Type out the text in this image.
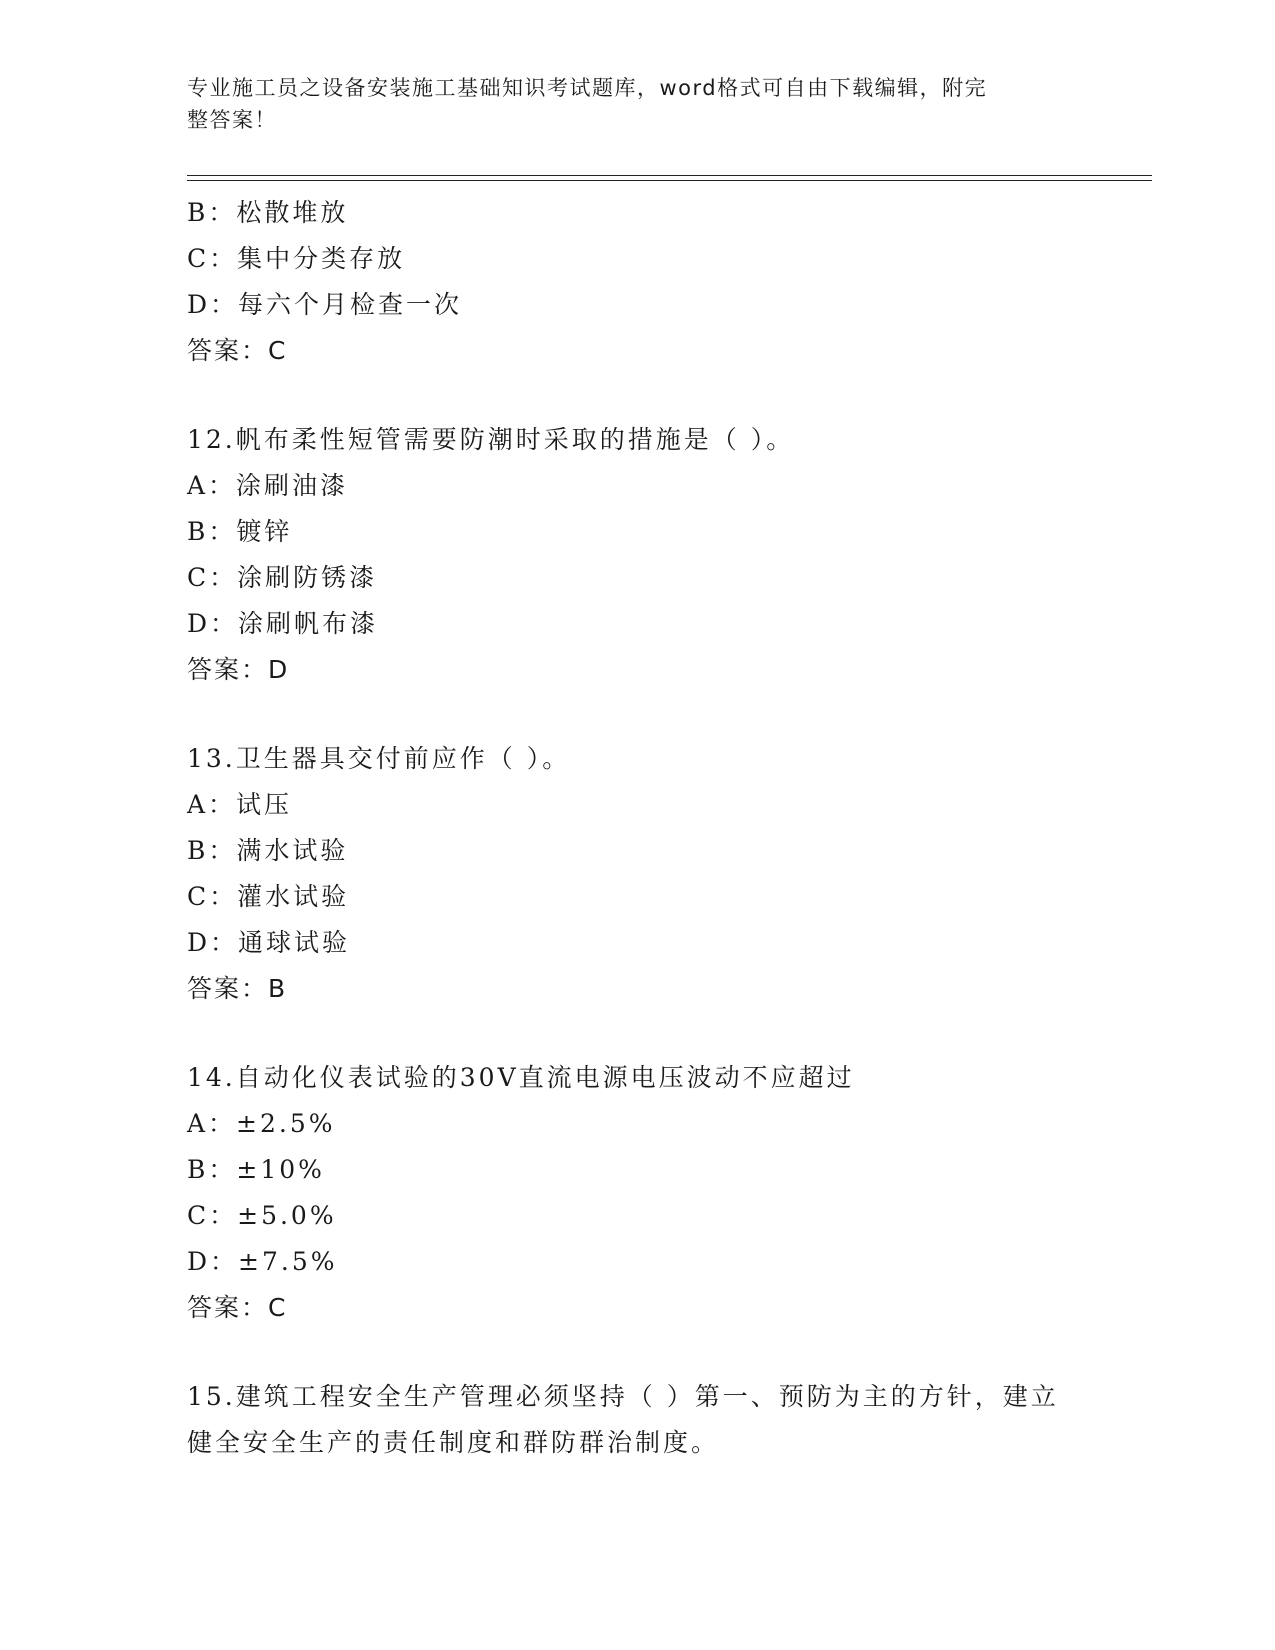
专业施工员之设备安装施工基础知识考试题库，word格式可自由下载编辑，附完
整答案！
B：松散堆放
C：集中分类存放
D：每六个月检查一次
答案：C
12.帆布柔性短管需要防潮时采取的措施是（ ）。
A：涂刷油漆
B：镀锌
C：涂刷防锈漆
D：涂刷帆布漆
答案：D
13.卫生器具交付前应作（ ）。
A：试压
B：满水试验
C：灌水试验
D：通球试验
答案：B
14.自动化仪表试验的30V直流电源电压波动不应超过
A：±2.5%
B：±10%
C：±5.0%
D：±7.5%
答案：C
15.建筑工程安全生产管理必须坚持（ ）第一、预防为主的方针，建立健全安全生产的责任制度和群防群治制度。
